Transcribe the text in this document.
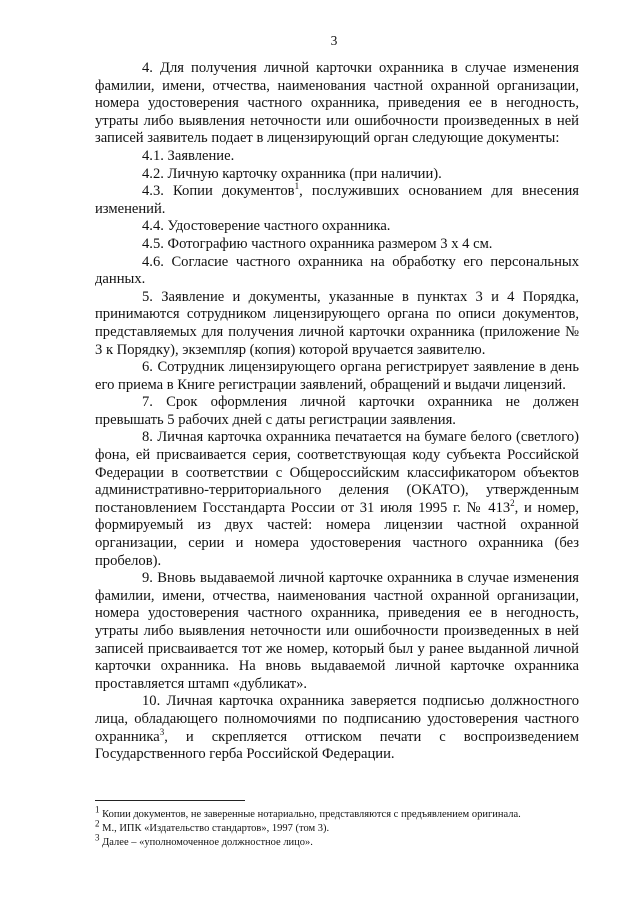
3

4. Для получения личной карточки охранника в случае изменения фамилии, имени, отчества, наименования частной охранной организации, номера удостоверения частного охранника, приведения ее в негодность, утраты либо выявления неточности или ошибочности произведенных в ней записей заявитель подает в лицензирующий орган следующие документы:

4.1. Заявление.

4.2. Личную карточку охранника (при наличии).

4.3. Копии документов$^1$, послуживших основанием для внесения изменений.

4.4. Удостоверение частного охранника.

4.5. Фотографию частного охранника размером 3 х 4 см.

4.6. Согласие частного охранника на обработку его персональных данных.

5. Заявление и документы, указанные в пунктах 3 и 4 Порядка, принимаются сотрудником лицензирующего органа по описи документов, представляемых для получения личной карточки охранника (приложение № 3 к Порядку), экземпляр (копия) которой вручается заявителю.

6. Сотрудник лицензирующего органа регистрирует заявление в день его приема в Книге регистрации заявлений, обращений и выдачи лицензий.

7. Срок оформления личной карточки охранника не должен превышать 5 рабочих дней с даты регистрации заявления.

8. Личная карточка охранника печатается на бумаге белого (светлого) фона, ей присваивается серия, соответствующая коду субъекта Российской Федерации в соответствии с Общероссийским классификатором объектов административно-территориального деления (ОКАТО), утвержденным постановлением Госстандарта России от 31 июля 1995 г. № $413^2$, и номер, формируемый из двух частей: номера лицензии частной охранной организации, серии и номера удостоверения частного охранника (без пробелов).

9. Вновь выдаваемой личной карточке охранника в случае изменения фамилии, имени, отчества, наименования частной охранной организации, номера удостоверения частного охранника, приведения ее в негодность, утраты либо выявления неточности или ошибочности произведенных в ней записей присваивается тот же номер, который был у ранее выданной личной карточки охранника. На вновь выдаваемой личной карточке охранника проставляется штамп «дубликат».

10. Личная карточка охранника заверяется подписью должностного лица, обладающего полномочиями по подписанию удостоверения частного охранника$^3$, и скрепляется оттиском печати с воспроизведением Государственного герба Российской Федерации.

$^1$ Копии документов, не заверенные нотариально, представляются с предъявлением оригинала.
$^2$ М., ИПК «Издательство стандартов», 1997 (том 3).
$^3$ Далее – «уполномоченное должностное лицо».
